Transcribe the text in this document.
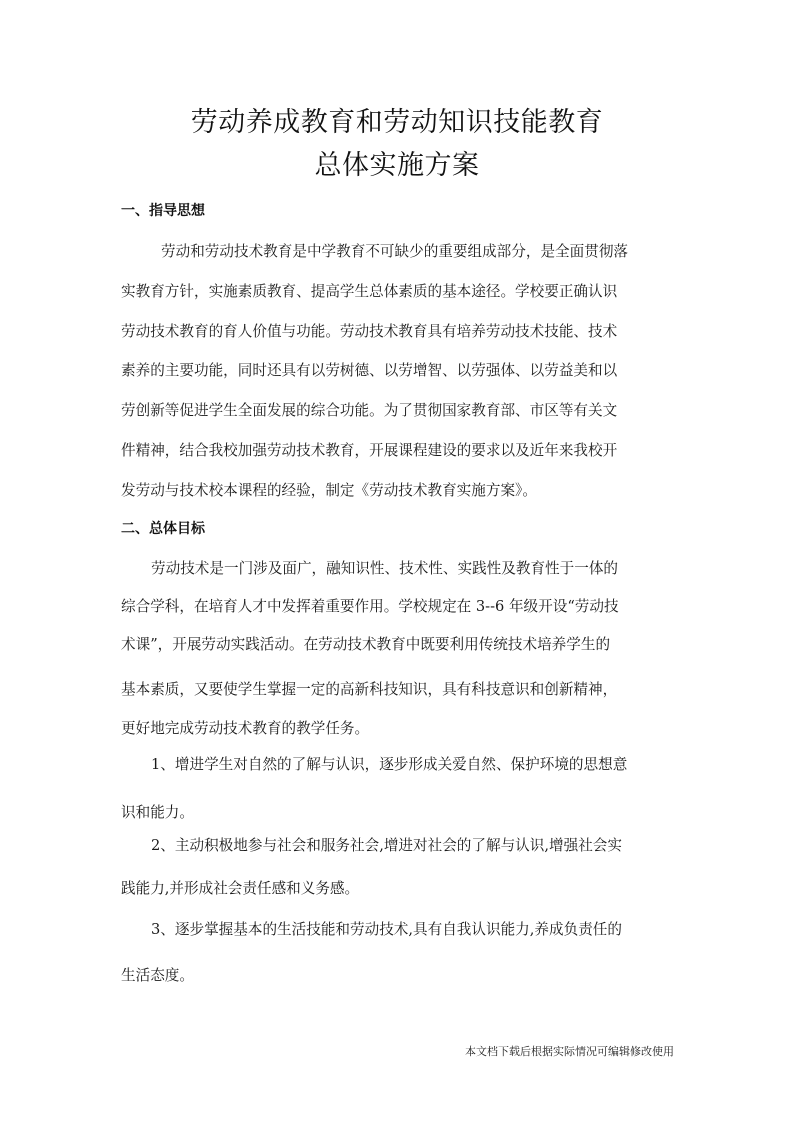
劳动养成教育和劳动知识技能教育
总体实施方案
一、指导思想
劳动和劳动技术教育是中学教育不可缺少的重要组成部分，是全面贯彻落
实教育方针，实施素质教育、提高学生总体素质的基本途径。学校要正确认识
劳动技术教育的育人价值与功能。劳动技术教育具有培养劳动技术技能、技术
素养的主要功能，同时还具有以劳树德、以劳增智、以劳强体、以劳益美和以
劳创新等促进学生全面发展的综合功能。为了贯彻国家教育部、市区等有关文
件精神，结合我校加强劳动技术教育，开展课程建设的要求以及近年来我校开
发劳动与技术校本课程的经验，制定《劳动技术教育实施方案》。
二、总体目标
劳动技术是一门涉及面广，融知识性、技术性、实践性及教育性于一体的
综合学科，在培育人才中发挥着重要作用。学校规定在 3--6 年级开设“劳动技
术课”，开展劳动实践活动。在劳动技术教育中既要利用传统技术培养学生的
基本素质，又要使学生掌握一定的高新科技知识，具有科技意识和创新精神，
更好地完成劳动技术教育的教学任务。
1、增进学生对自然的了解与认识，逐步形成关爱自然、保护环境的思想意
识和能力。
2、主动积极地参与社会和服务社会,增进对社会的了解与认识,增强社会实
践能力,并形成社会责任感和义务感。
3、逐步掌握基本的生活技能和劳动技术,具有自我认识能力,养成负责任的
生活态度。
本文档下载后根据实际情况可编辑修改使用
